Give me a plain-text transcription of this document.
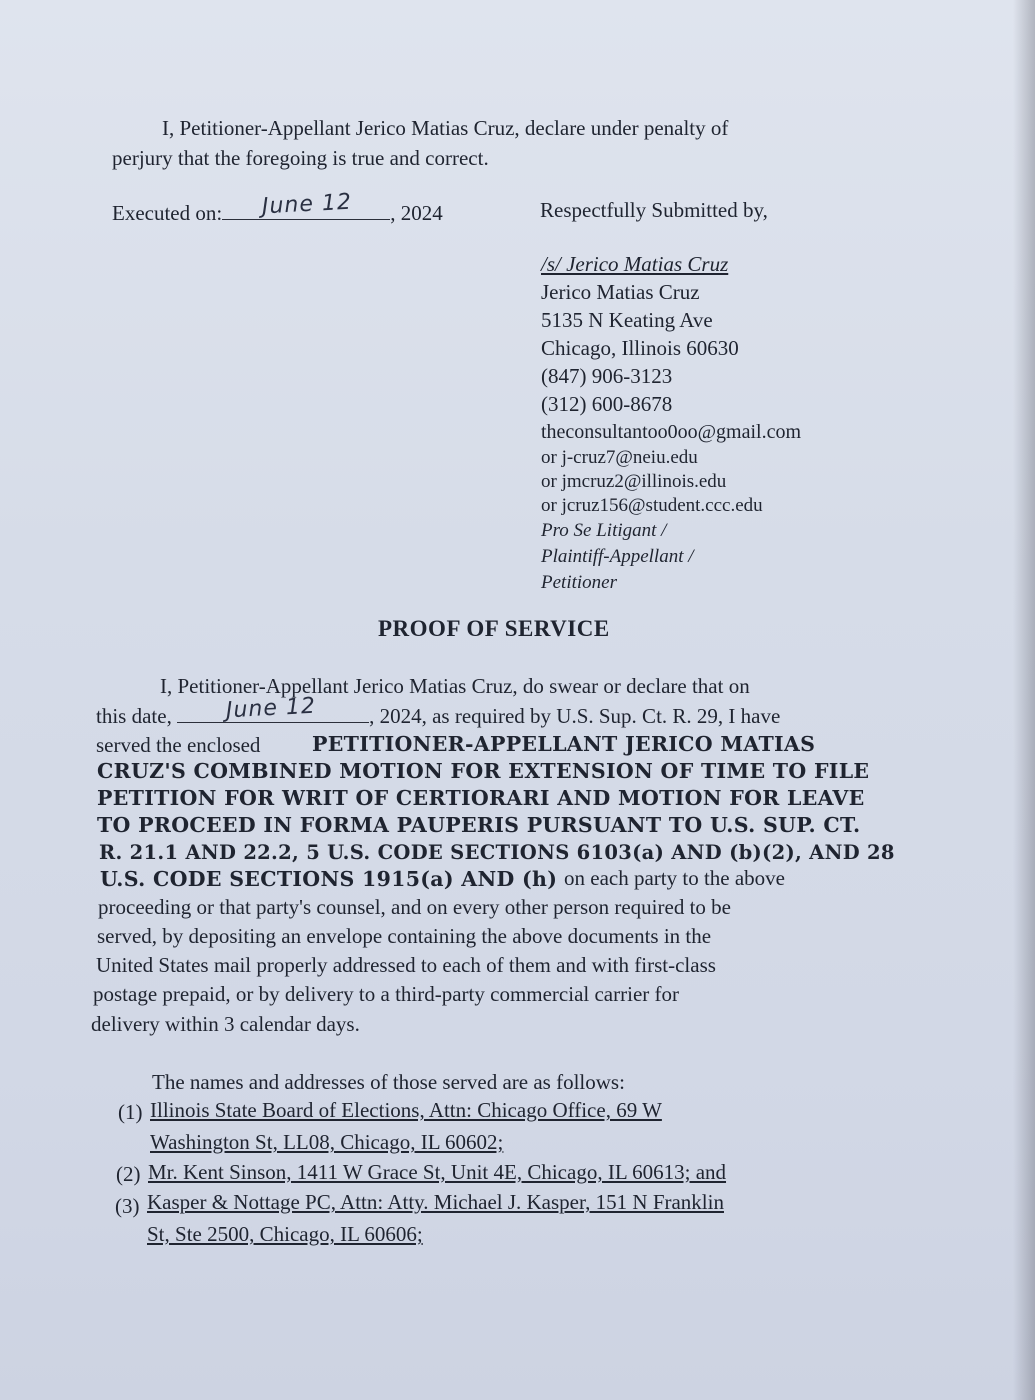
I, Petitioner-Appellant Jerico Matias Cruz, declare under penalty of
perjury that the foregoing is true and correct.
Executed on:	, 2024
June 12	Respectfully Submitted by,
/s/ Jerico Matias Cruz
Jerico Matias Cruz
5135 N Keating Ave
Chicago, Illinois 60630
(847) 906-3123
(312) 600-8678
theconsultantoo0oo@gmail.com
or j-cruz7@neiu.edu
or jmcruz2@illinois.edu
or jcruz156@student.ccc.edu
Pro Se Litigant /
Plaintiff-Appellant /
Petitioner
PROOF OF SERVICE
I, Petitioner-Appellant Jerico Matias Cruz, do swear or declare that on
this date,	, 2024, as required by U.S. Sup. Ct. R. 29, I have
June 12
served the enclosed	PETITIONER-APPELLANT JERICO MATIAS
CRUZ'S COMBINED MOTION FOR EXTENSION OF TIME TO FILE
PETITION FOR WRIT OF CERTIORARI AND MOTION FOR LEAVE
TO PROCEED IN FORMA PAUPERIS PURSUANT TO U.S. SUP. CT.
R. 21.1 AND 22.2, 5 U.S. CODE SECTIONS 6103(a) AND (b)(2), AND 28
U.S. CODE SECTIONS 1915(a) AND (h) on each party to the above
proceeding or that party's counsel, and on every other person required to be
served, by depositing an envelope containing the above documents in the
United States mail properly addressed to each of them and with first-class
postage prepaid, or by delivery to a third-party commercial carrier for
delivery within 3 calendar days.
The names and addresses of those served are as follows:
(1) Illinois State Board of Elections, Attn: Chicago Office, 69 W
Washington St, LL08, Chicago, IL 60602;
(2) Mr. Kent Sinson, 1411 W Grace St, Unit 4E, Chicago, IL 60613; and
(3) Kasper & Nottage PC, Attn: Atty. Michael J. Kasper, 151 N Franklin
St, Ste 2500, Chicago, IL 60606;
